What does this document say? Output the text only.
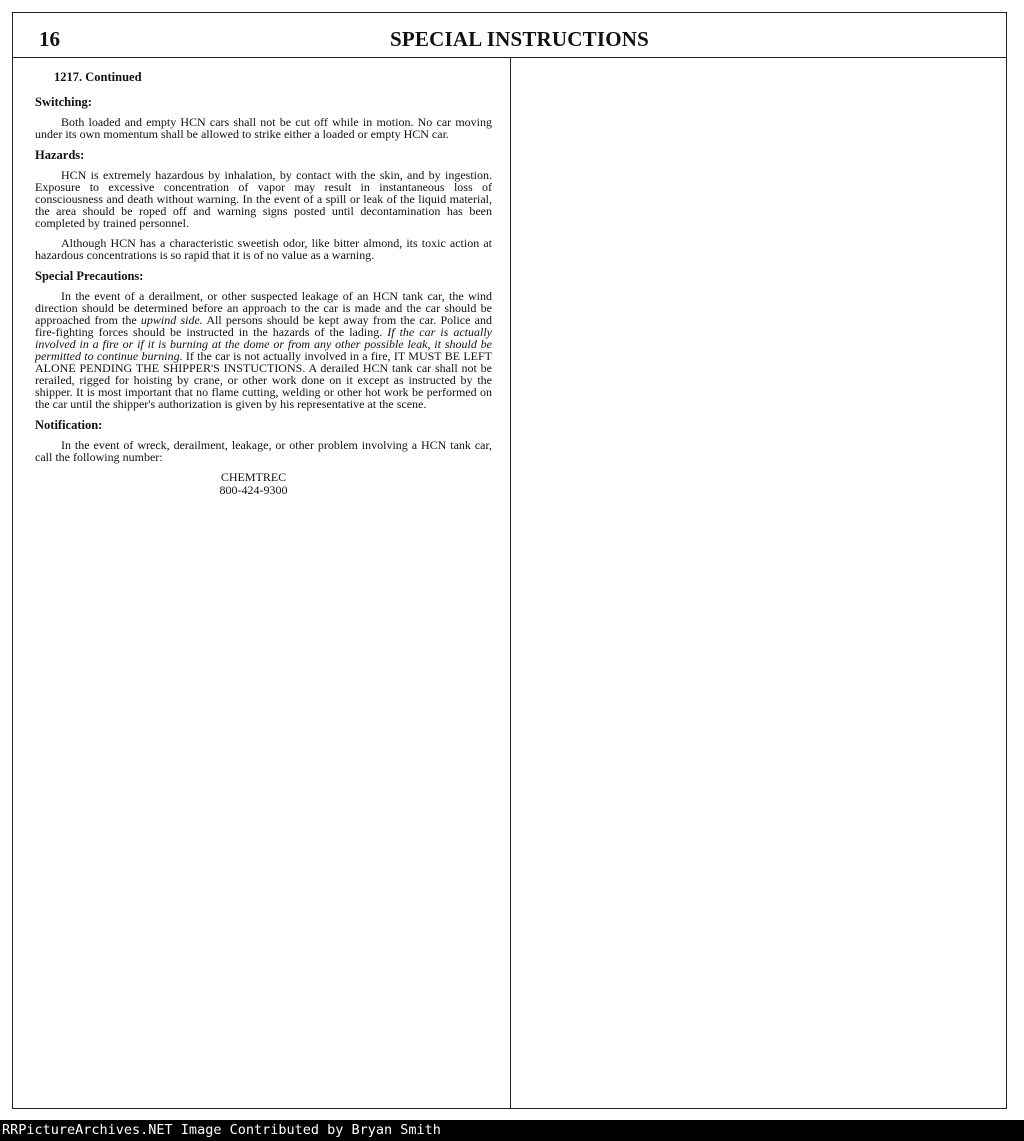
16	SPECIAL INSTRUCTIONS
1217. Continued
Switching:

Both loaded and empty HCN cars shall not be cut off while in motion. No car moving under its own momentum shall be allowed to strike either a loaded or empty HCN car.

Hazards:

HCN is extremely hazardous by inhalation, by contact with the skin, and by ingestion. Exposure to excessive concentration of vapor may result in instantaneous loss of consciousness and death without warning. In the event of a spill or leak of the liquid material, the area should be roped off and warning signs posted until decontamination has been completed by trained personnel.

Although HCN has a characteristic sweetish odor, like bitter almond, its toxic action at hazardous concentrations is so rapid that it is of no value as a warning.

Special Precautions:

In the event of a derailment, or other suspected leakage of an HCN tank car, the wind direction should be determined before an approach to the car is made and the car should be approached from the upwind side. All persons should be kept away from the car. Police and fire-fighting forces should be instructed in the hazards of the lading. If the car is actually involved in a fire or if it is burning at the dome or from any other possible leak, it should be permitted to continue burning. If the car is not actually involved in a fire, IT MUST BE LEFT ALONE PENDING THE SHIPPER'S INSTUCTIONS. A derailed HCN tank car shall not be rerailed, rigged for hoisting by crane, or other work done on it except as instructed by the shipper. It is most important that no flame cutting, welding or other hot work be performed on the car until the shipper's authorization is given by his representative at the scene.

Notification:

In the event of wreck, derailment, leakage, or other problem involving a HCN tank car, call the following number:

CHEMTREC
800-424-9300
RRPictureArchives.NET Image Contributed by Bryan Smith
